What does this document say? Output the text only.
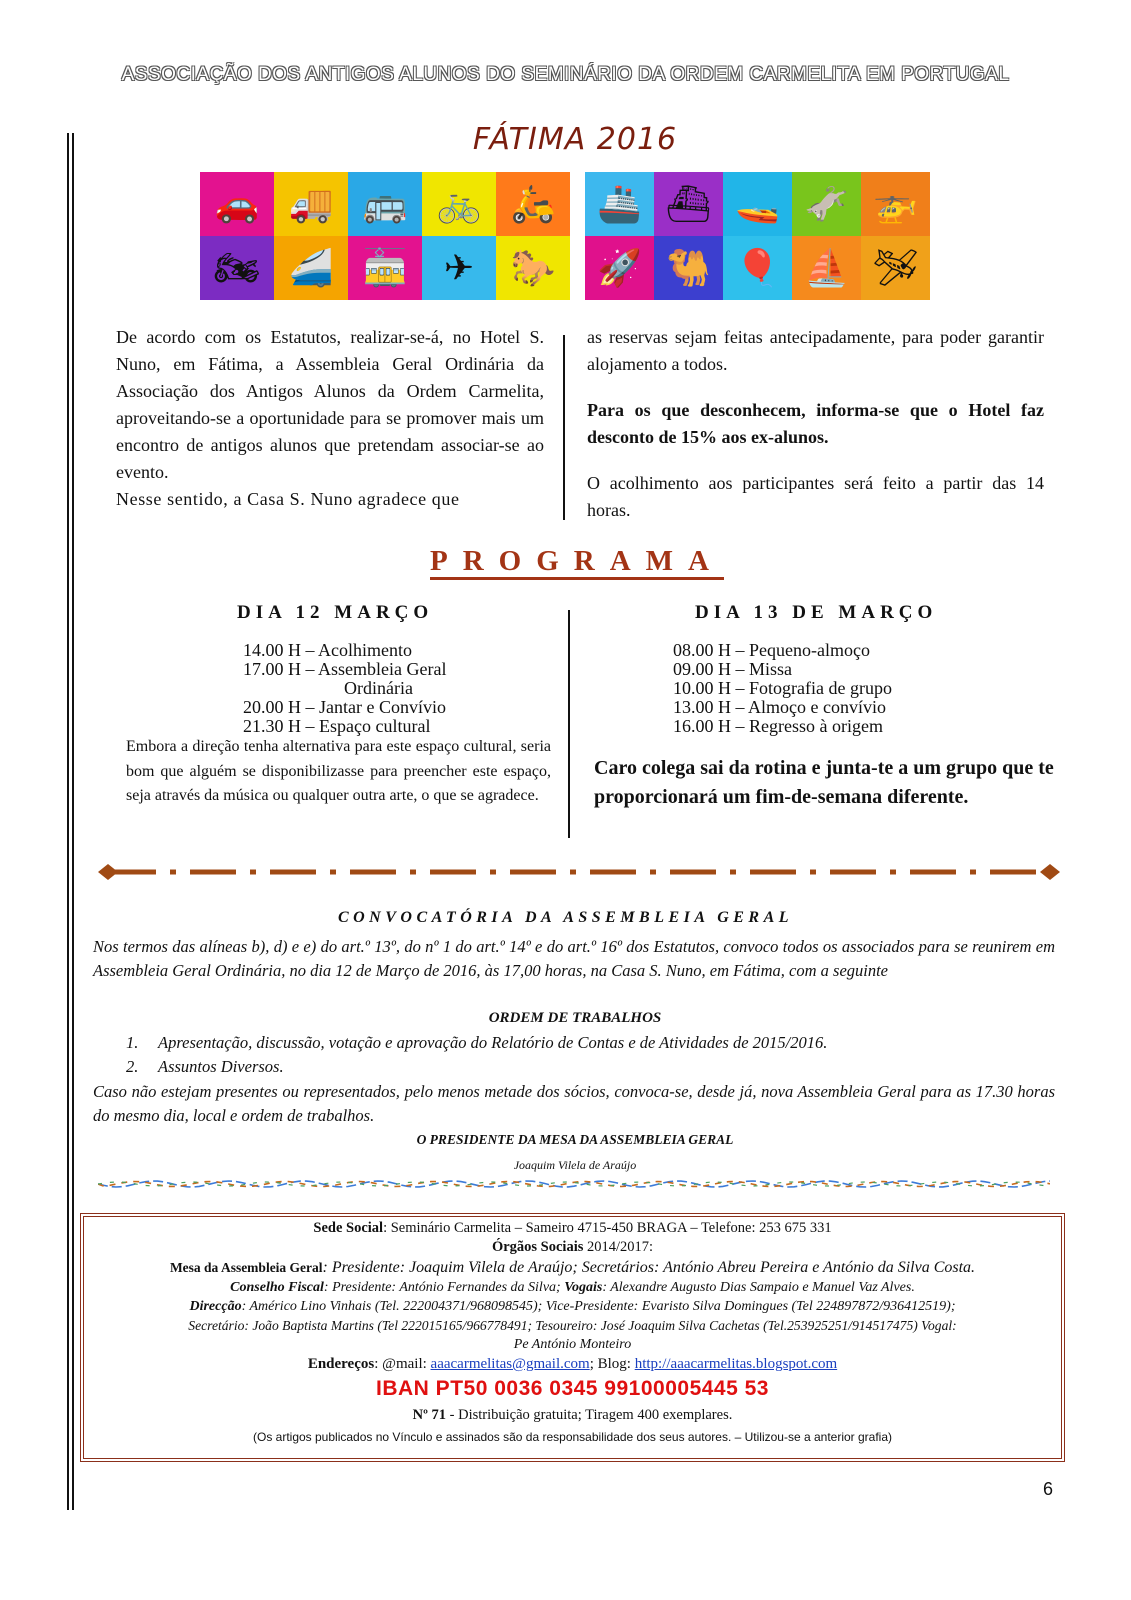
ASSOCIAÇÃO DOS ANTIGOS ALUNOS DO SEMINÁRIO DA ORDEM CARMELITA EM PORTUGAL
FÁTIMA 2016
🚗 🚚 🚌 🚲 🛵
🏍 🚄 🚋	✈	🐎
🚢 ⛴ 🚤 🫏 🚁
🚀 🐫 🎈 ⛵ 🛩

De acordo com os Estatutos, realizar-se-á, no Hotel S. Nuno, em Fátima, a Assembleia Geral Ordinária da Associação dos Antigos Alunos da Ordem Carmelita, aproveitando-se a oportunidade para se promover mais um encontro de antigos alunos que pretendam associar-se ao evento.

Nesse sentido, a Casa S. Nuno agradece que

as reservas sejam feitas antecipadamente, para poder garantir alojamento a todos.

Para os que desconhecem, informa-se que o Hotel faz desconto de 15% aos ex-alunos.

O acolhimento aos participantes será feito a partir das 14 horas.

PROGRAMA
DIA 12 MARÇO
14.00 H – Acolhimento
17.00 H – Assembleia Geral
Ordinária
20.00 H – Jantar e Convívio
21.30 H – Espaço cultural
Embora a direção tenha alternativa para este espaço cultural, seria bom que alguém se disponibilizasse para preencher este espaço, seja através da música ou qualquer outra arte, o que se agradece.
DIA 13 DE MARÇO
08.00 H – Pequeno-almoço
09.00 H – Missa
10.00 H – Fotografia de grupo
13.00 H – Almoço e convívio
16.00 H – Regresso à origem
Caro colega sai da rotina e junta-te a um grupo que te proporcionará um fim-de-semana diferente.
CONVOCATÓRIA DA ASSEMBLEIA GERAL
Nos termos das alíneas b), d) e e) do art.º 13º, do nº 1 do art.º 14º e do art.º 16º dos Estatutos, convoco todos os associados para se reunirem em Assembleia Geral Ordinária, no dia 12 de Março de 2016, às 17,00 horas, na Casa S. Nuno, em Fátima, com a seguinte
ORDEM DE TRABALHOS
1. Apresentação, discussão, votação e aprovação do Relatório de Contas e de Atividades de 2015/2016.
2. Assuntos Diversos.
Caso não estejam presentes ou representados, pelo menos metade dos sócios, convoca-se, desde já, nova Assembleia Geral para as 17.30 horas do mesmo dia, local e ordem de trabalhos.
O PRESIDENTE DA MESA DA ASSEMBLEIA GERAL
Joaquim Vilela de Araújo
Sede Social: Seminário Carmelita – Sameiro 4715-450 BRAGA – Telefone: 253 675 331
Órgãos Sociais 2014/2017:
Mesa da Assembleia Geral: Presidente: Joaquim Vilela de Araújo; Secretários: António Abreu Pereira e António da Silva Costa.
Conselho Fiscal: Presidente: António Fernandes da Silva; Vogais: Alexandre Augusto Dias Sampaio e Manuel Vaz Alves.
Direcção: Américo Lino Vinhais (Tel. 222004371/968098545); Vice-Presidente: Evaristo Silva Domingues (Tel 224897872/936412519);
Secretário: João Baptista Martins (Tel 222015165/966778491; Tesoureiro: José Joaquim Silva Cachetas (Tel.253925251/914517475) Vogal:
Pe António Monteiro
Endereços: @mail: aaacarmelitas@gmail.com; Blog: http://aaacarmelitas.blogspot.com
IBAN PT50 0036 0345 99100005445 53
Nº 71 - Distribuição gratuita; Tiragem 400 exemplares.
(Os artigos publicados no Vínculo e assinados são da responsabilidade dos seus autores. – Utilizou-se a anterior grafia)
6
